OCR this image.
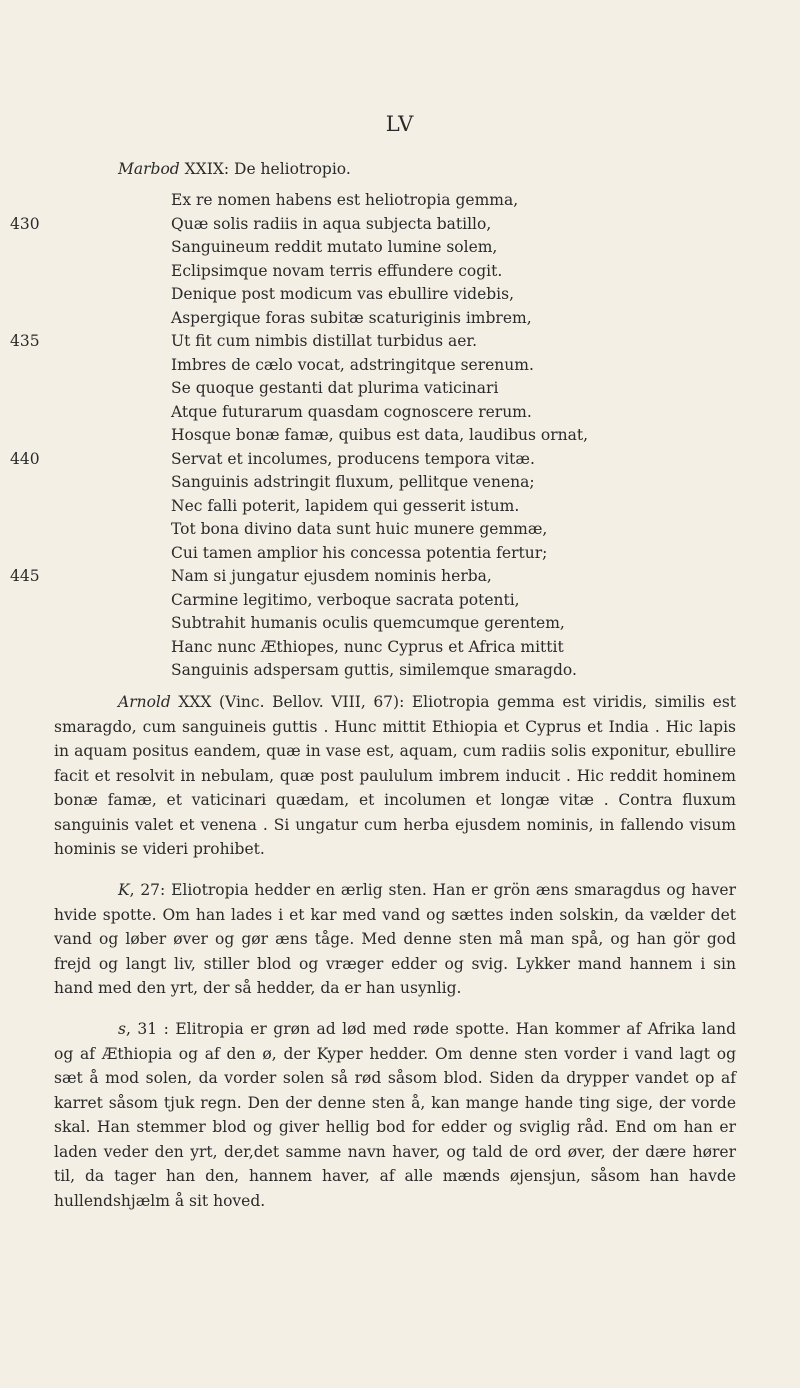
LV
Marbod XXIX: De heliotropio.
Ex re nomen habens est heliotropia gemma,
430	Quæ solis radiis in aqua subjecta batillo,
Sanguineum reddit mutato lumine solem,
Eclipsimque novam terris effundere cogit.
Denique post modicum vas ebullire videbis,
Aspergique foras subitæ scaturiginis imbrem,
435	Ut fit cum nimbis distillat turbidus aer.
Imbres de cælo vocat, adstringitque serenum.
Se quoque gestanti dat plurima vaticinari
Atque futurarum quasdam cognoscere rerum.
Hosque bonæ famæ, quibus est data, laudibus ornat,
440	Servat et incolumes, producens tempora vitæ.
Sanguinis adstringit fluxum, pellitque venena;
Nec falli poterit, lapidem qui gesserit istum.
Tot bona divino data sunt huic munere gemmæ,
Cui tamen amplior his concessa potentia fertur;
445	Nam si jungatur ejusdem nominis herba,
Carmine legitimo, verboque sacrata potenti,
Subtrahit humanis oculis quemcumque gerentem,
Hanc nunc Æthiopes, nunc Cyprus et Africa mittit
Sanguinis adspersam guttis, similemque smaragdo.
Arnold XXX (Vinc. Bellov. VIII, 67): Eliotropia gemma est viridis, similis est smaragdo, cum sanguineis guttis . Hunc mittit Ethiopia et Cyprus et India . Hic lapis in aquam positus eandem, quæ in vase est, aquam, cum radiis solis exponitur, ebullire facit et resolvit in nebulam, quæ post paululum imbrem inducit . Hic reddit hominem bonæ famæ, et vaticinari quædam, et incolumen et longæ vitæ . Contra fluxum sanguinis valet et venena . Si ungatur cum herba ejusdem nominis, in fallendo visum hominis se videri prohibet.
K, 27: Eliotropia hedder en ærlig sten. Han er grön æns smaragdus og haver hvide spotte. Om han lades i et kar med vand og sættes inden solskin, da vælder det vand og løber øver og gør æns tåge. Med denne sten må man spå, og han gör god frejd og langt liv, stiller blod og vræger edder og svig. Lykker mand hannem i sin hand med den yrt, der så hedder, da er han usynlig.
s, 31 : Elitropia er grøn ad lød med røde spotte. Han kommer af Afrika land og af Æthiopia og af den ø, der Kyper hedder. Om denne sten vorder i vand lagt og sæt å mod solen, da vorder solen så rød såsom blod. Siden da drypper vandet op af karret såsom tjuk regn. Den der denne sten å, kan mange hande ting sige, der vorde skal. Han stemmer blod og giver hellig bod for edder og sviglig råd. End om han er laden veder den yrt, der,det samme navn haver, og tald de ord øver, der dære hører til, da tager han den, hannem haver, af alle mænds øjensjun, såsom han havde hullendshjælm å sit hoved.
